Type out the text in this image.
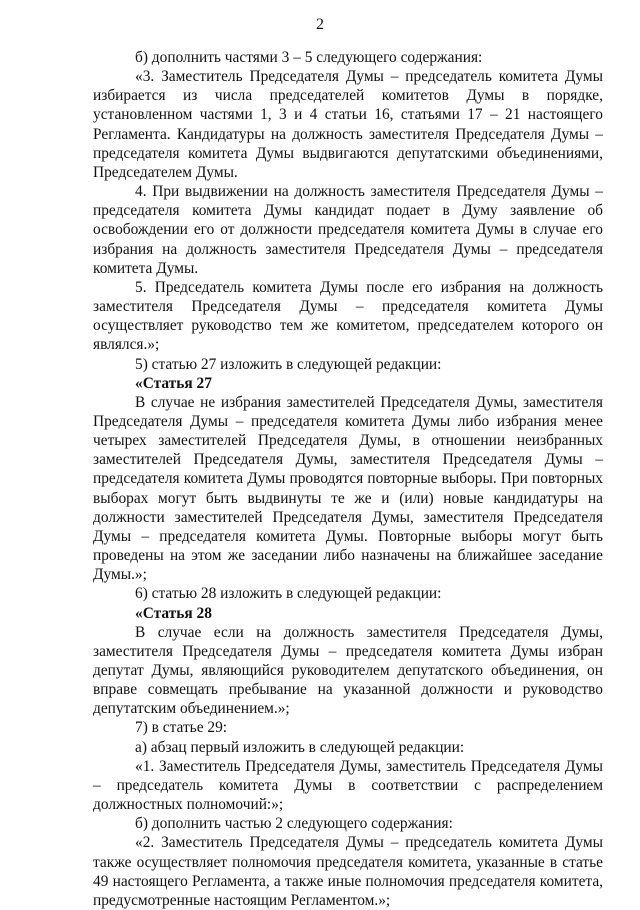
2

б) дополнить частями 3 – 5 следующего содержания:

«3. Заместитель Председателя Думы – председатель комитета Думы избирается из числа председателей комитетов Думы в порядке, установленном частями 1, 3 и 4 статьи 16, статьями 17 – 21 настоящего Регламента. Кандидатуры на должность заместителя Председателя Думы – председателя комитета Думы выдвигаются депутатскими объединениями, Председателем Думы.

4. При выдвижении на должность заместителя Председателя Думы – председателя комитета Думы кандидат подает в Думу заявление об освобождении его от должности председателя комитета Думы в случае его избрания на должность заместителя Председателя Думы – председателя комитета Думы.

5. Председатель комитета Думы после его избрания на должность заместителя Председателя Думы – председателя комитета Думы осуществляет руководство тем же комитетом, председателем которого он являлся.»;

5) статью 27 изложить в следующей редакции:

«Статья 27

В случае не избрания заместителей Председателя Думы, заместителя Председателя Думы – председателя комитета Думы либо избрания менее четырех заместителей Председателя Думы, в отношении неизбранных заместителей Председателя Думы, заместителя Председателя Думы – председателя комитета Думы проводятся повторные выборы. При повторных выборах могут быть выдвинуты те же и (или) новые кандидатуры на должности заместителей Председателя Думы, заместителя Председателя Думы – председателя комитета Думы. Повторные выборы могут быть проведены на этом же заседании либо назначены на ближайшее заседание Думы.»;

6) статью 28 изложить в следующей редакции:

«Статья 28

В случае если на должность заместителя Председателя Думы, заместителя Председателя Думы – председателя комитета Думы избран депутат Думы, являющийся руководителем депутатского объединения, он вправе совмещать пребывание на указанной должности и руководство депутатским объединением.»;

7) в статье 29:

а) абзац первый изложить в следующей редакции:

«1. Заместитель Председателя Думы, заместитель Председателя Думы – председатель комитета Думы в соответствии с распределением должностных полномочий:»;

б) дополнить частью 2 следующего содержания:

«2. Заместитель Председателя Думы – председатель комитета Думы также осуществляет полномочия председателя комитета, указанные в статье 49 настоящего Регламента, а также иные полномочия председателя комитета, предусмотренные настоящим Регламентом.»;
